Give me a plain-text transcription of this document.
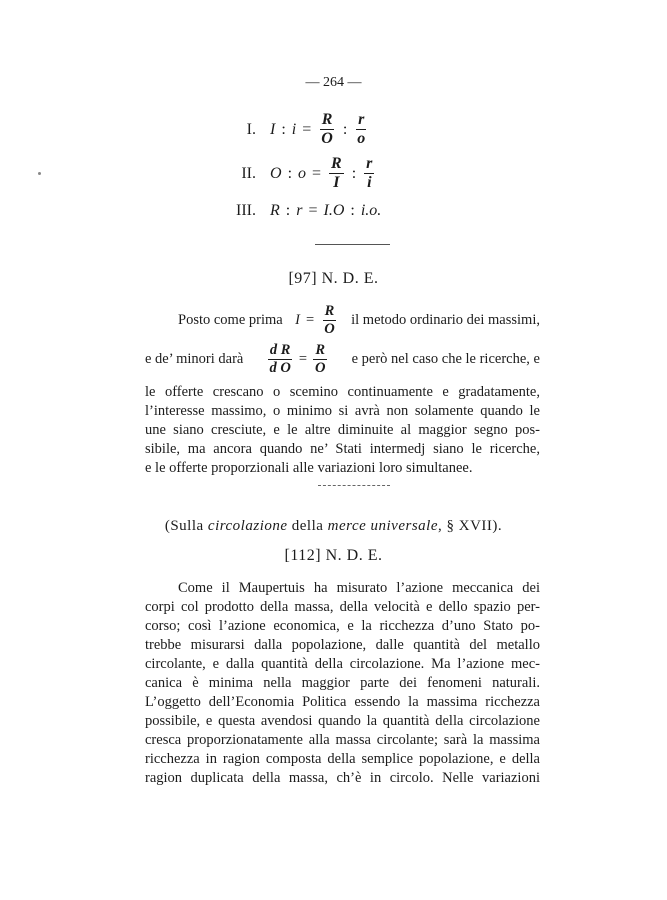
— 264 —
I. I : $i = \frac{R}{O}$ : $\frac{r}{o}$
II. O : $o = \frac{R}{I}$ : $\frac{r}{i}$
III. R : r = I.O : i.o.
[97] N. D. E.
Posto come prima $I = \frac{R}{O}$ il metodo ordinario dei massimi,
e de’ minori darà $\frac{\text{d R}}{\text{d O}} = \frac{R}{O}$ e però nel caso che le ricerche, e
le offerte crescano o scemino continuamente e gradatamente,
l’interesse massimo, o minimo si avrà non solamente quando le
une siano cresciute, e le altre diminuite al maggior segno pos-
sibile, ma ancora quando ne’ Stati intermedj siano le ricerche,
e le offerte proporzionali alle variazioni loro simultanee.
(Sulla circolazione della merce universale, § XVII).
[112] N. D. E.
Come il Maupertuis ha misurato l’azione meccanica dei
corpi col prodotto della massa, della velocità e dello spazio per-
corso; così l’azione economica, e la ricchezza d’uno Stato po-
trebbe misurarsi dalla popolazione, dalle quantità del metallo
circolante, e dalla quantità della circolazione. Ma l’azione mec-
canica è minima nella maggior parte dei fenomeni naturali.
L’oggetto dell’Economia Politica essendo la massima ricchezza
possibile, e questa avendosi quando la quantità della circolazione
cresca proporzionatamente alla massa circolante; sarà la massima
ricchezza in ragion composta della semplice popolazione, e della
ragion duplicata della massa, ch’è in circolo. Nelle variazioni
